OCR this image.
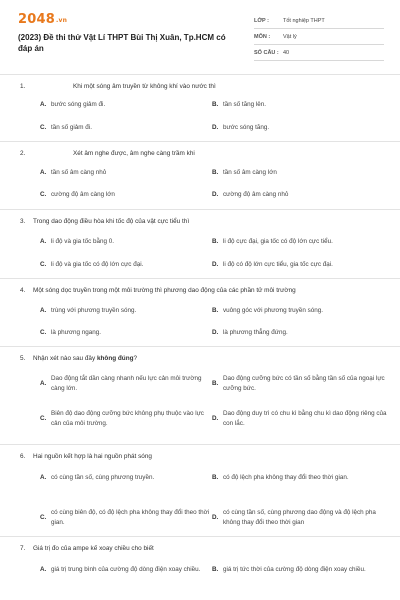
2048.vn
(2023) Đề thi thử Vật Lí THPT Bùi Thị Xuân, Tp.HCM có đáp án
LỚP :	Tốt nghiệp THPT
MÔN :	Vật lý
SỐ CÂU : 40
1.	Khi một sóng âm truyền từ không khí vào nước thì
A. bước sóng giảm đi.	B. tần số tăng lên.
C. tần số giảm đi.	D. bước sóng tăng.
2.	Xét âm nghe được, âm nghe càng trầm khi
A. tần số âm càng nhỏ	B. tần số âm càng lớn
C. cường độ âm càng lớn	D. cường độ âm càng nhỏ
3.	Trong dao động điều hòa khi tốc độ của vật cực tiểu thì
A. li độ và gia tốc bằng 0.	B. li độ cực đại, gia tốc có độ lớn cực tiểu.
C. li độ và gia tốc có độ lớn cực đại.	D. li độ có độ lớn cực tiểu, gia tốc cực đại.
4.	Một sóng dọc truyền trong một môi trường thì phương dao động của các phần tử môi trường
A. trùng với phương truyền sóng.	B. vuông góc với phương truyền sóng.
C. là phương ngang.	D. là phương thẳng đứng.
5.	Nhận xét nào sau đây không đúng?
A.
Dao động tắt dần càng nhanh nếu lực cản môi trường càng lớn.
B.
Dao động cưỡng bức có tần số bằng tần số của ngoại lực cưỡng bức.
C.
Biên độ dao động cưỡng bức không phụ thuộc vào lực cản của môi trường.
D.
Dao động duy trì có chu kì bằng chu kì dao động riêng của con lắc.
6.	Hai nguồn kết hợp là hai nguồn phát sóng
A. có cùng tần số, cùng phương truyền.	B. có độ lệch pha không thay đổi theo thời gian.
C.
có cùng biên độ, có độ lệch pha không thay đổi theo thời gian.
D.
có cùng tần số, cùng phương dao động và độ lệch pha không thay đổi theo thời gian
7.	Giá trị đo của ampe kế xoay chiều cho biết
A. giá trị trung bình của cường độ dòng điện xoay chiều.	B. giá trị tức thời của cường độ dòng điện xoay chiều.
